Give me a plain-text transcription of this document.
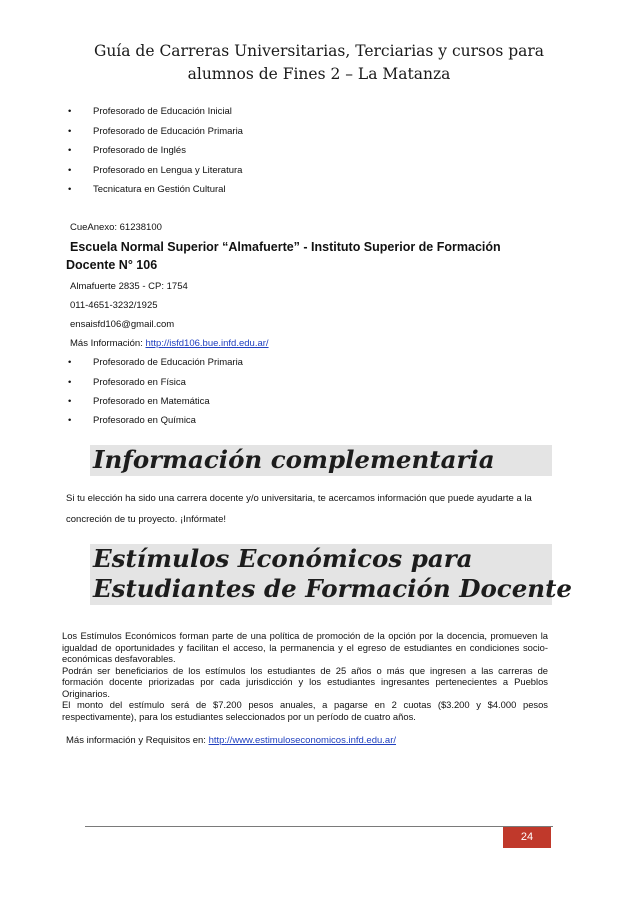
Guía de Carreras Universitarias, Terciarias y cursos para
alumnos de Fines 2 – La Matanza
• Profesorado de Educación Inicial
• Profesorado de Educación Primaria
• Profesorado de Inglés
• Profesorado en Lengua y Literatura
• Tecnicatura en Gestión Cultural
CueAnexo: 61238100
Escuela Normal Superior “Almafuerte” - Instituto Superior de Formación
Docente N° 106
Almafuerte 2835 - CP: 1754
011-4651-3232/1925
ensaisfd106@gmail.com
Más Información: http://isfd106.bue.infd.edu.ar/
• Profesorado de Educación Primaria
• Profesorado en Física
• Profesorado en Matemática
• Profesorado en Química
Información complementaria
Si tu elección ha sido una carrera docente y/o universitaria, te acercamos información que puede ayudarte a la
concreción de tu proyecto. ¡Infórmate!
Estímulos Económicos para
Estudiantes de Formación Docente
Los Estímulos Económicos forman parte de una política de promoción de la opción por la docencia, promueven la igualdad de oportunidades y facilitan el acceso, la permanencia y el egreso de estudiantes en condiciones socio-económicas desfavorables.
Podrán ser beneficiarios de los estímulos los estudiantes de 25 años o más que ingresen a las carreras de formación docente priorizadas por cada jurisdicción y los estudiantes ingresantes pertenecientes a Pueblos Originarios.
El monto del estímulo será de $7.200 pesos anuales, a pagarse en 2 cuotas ($3.200 y $4.000 pesos respectivamente), para los estudiantes seleccionados por un período de cuatro años.
Más información y Requisitos en: http://www.estimuloseconomicos.infd.edu.ar/
24
